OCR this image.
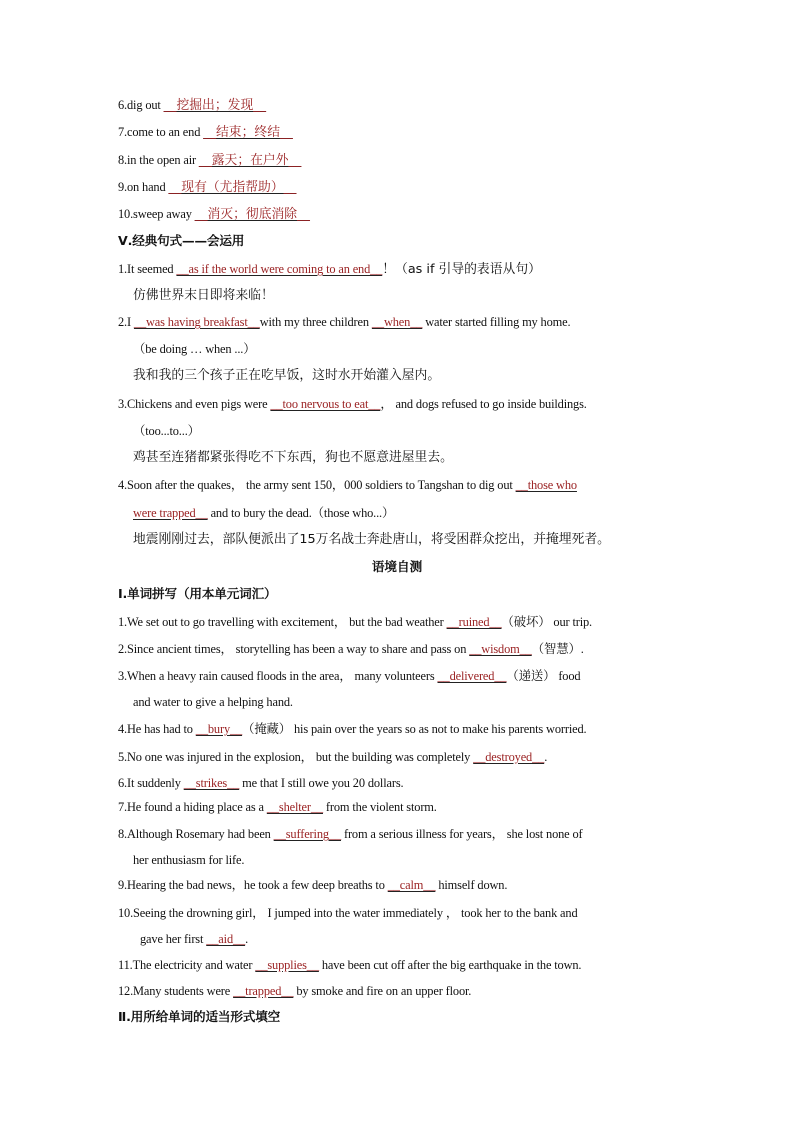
6.dig out __挖掘出；发现__
7.come to an end __结束；终结__
8.in the open air __露天；在户外__
9.on hand __现有（尤指帮助）__
10.sweep away __消灭；彻底消除__
Ⅴ.经典句式——会运用
1.It seemed __as if the world were coming to an end__！（as if 引导的表语从句）
仿佛世界末日即将来临！
2.I __was having breakfast__with my three children __when__ water started filling my home.
（be doing … when ...）
我和我的三个孩子正在吃早饭，这时水开始灌入屋内。
3.Chickens and even pigs were __too nervous to eat__， and dogs refused to go inside buildings.
（too...to...）
鸡甚至连猪都紧张得吃不下东西，狗也不愿意进屋里去。
4.Soon after the quakes， the army sent 150，000 soldiers to Tangshan to dig out __those who
were trapped__ and to bury the dead.（those who...）
地震刚刚过去，部队便派出了15万名战士奔赴唐山，将受困群众挖出，并掩埋死者。
语境自测
Ⅰ.单词拼写（用本单元词汇）
1.We set out to go travelling with excitement， but the bad weather __ruined__（破坏） our trip.
2.Since ancient times， storytelling has been a way to share and pass on __wisdom__（智慧）.
3.When a heavy rain caused floods in the area， many volunteers __delivered__（递送） food
and water to give a helping hand.
4.He has had to __bury__（掩藏） his pain over the years so as not to make his parents worried.
5.No one was injured in the explosion， but the building was completely __destroyed__.
6.It suddenly __strikes__ me that I still owe you 20 dollars.
7.He found a hiding place as a __shelter__ from the violent storm.
8.Although Rosemary had been __suffering__ from a serious illness for years， she lost none of
her enthusiasm for life.
9.Hearing the bad news，he took a few deep breaths to __calm__ himself down.
10.Seeing the drowning girl， I jumped into the water immediately ， took her to the bank and
gave her first __aid__.
11.The electricity and water __supplies__ have been cut off after the big earthquake in the town.
12.Many students were __trapped__ by smoke and fire on an upper floor.
Ⅱ.用所给单词的适当形式填空
